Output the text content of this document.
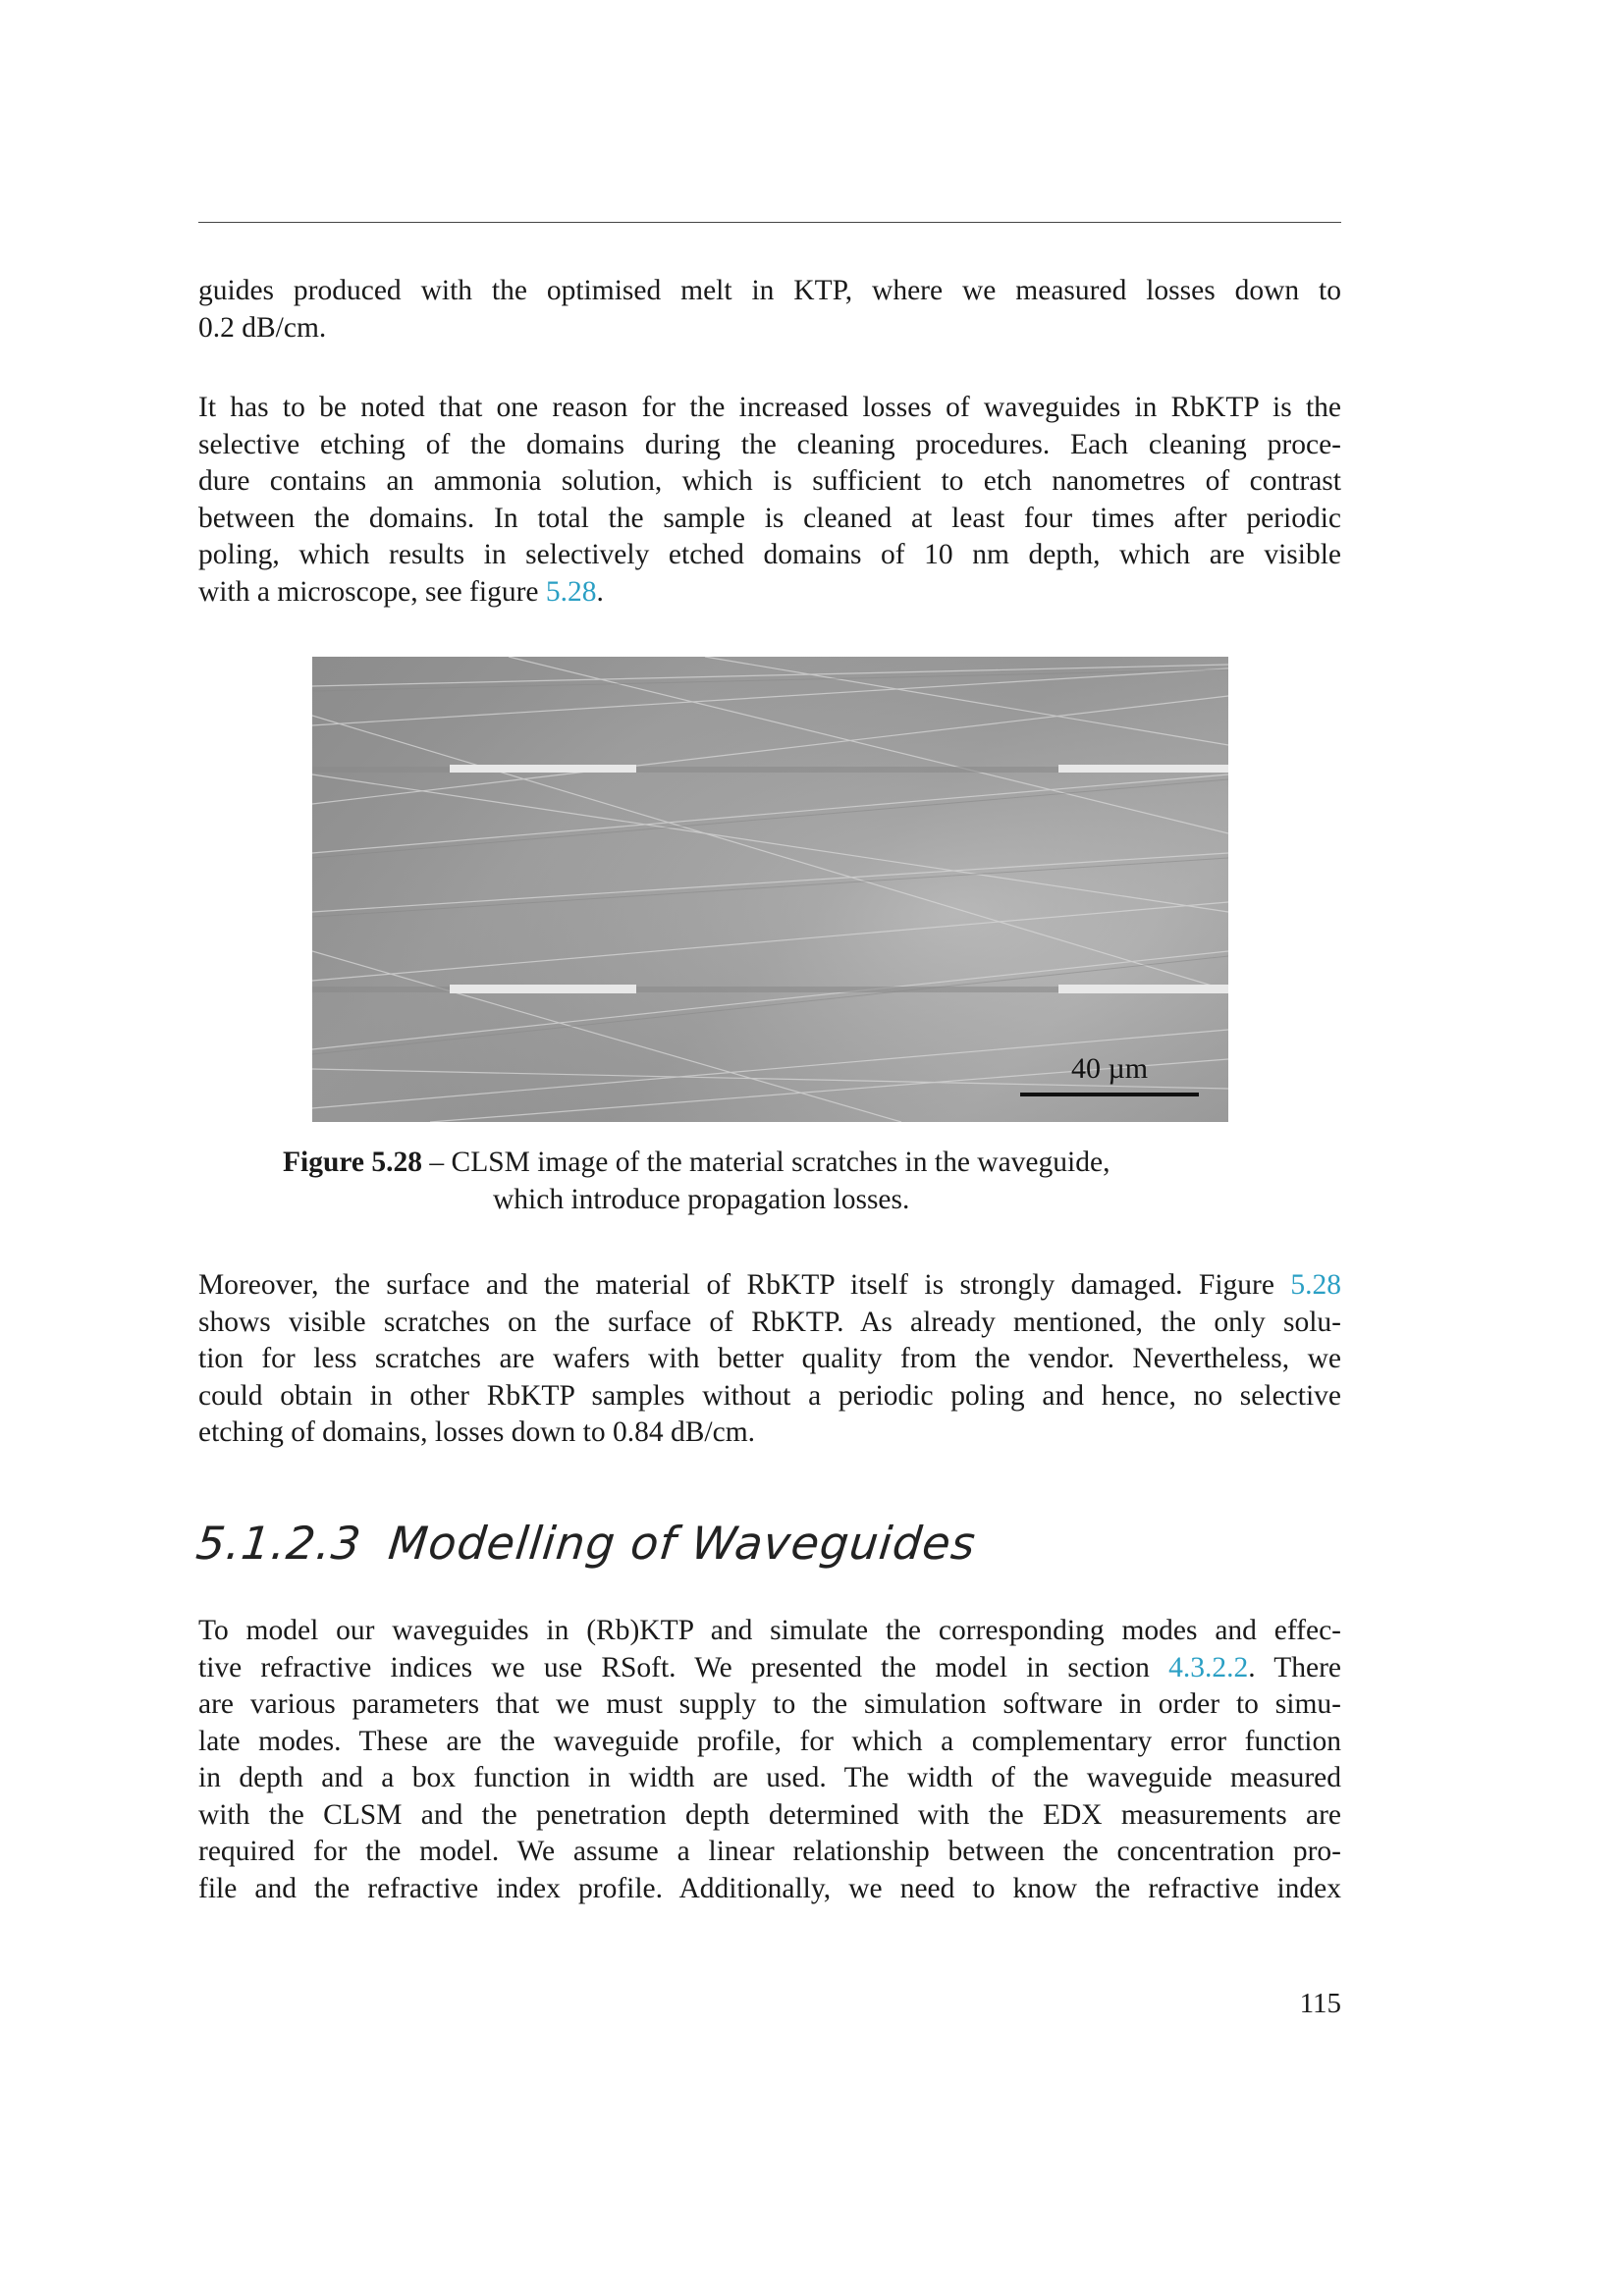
guides produced with the optimised melt in KTP, where we measured losses down to
0.2 dB/cm.

It has to be noted that one reason for the increased losses of waveguides in RbKTP is the
selective etching of the domains during the cleaning procedures. Each cleaning proce-
dure contains an ammonia solution, which is sufficient to etch nanometres of contrast
between the domains. In total the sample is cleaned at least four times after periodic
poling, which results in selectively etched domains of 10 nm depth, which are visible
with a microscope, see figure 5.28.

40 µm
Figure 5.28 – CLSM image of the material scratches in the waveguide,
which introduce propagation losses.

Moreover, the surface and the material of RbKTP itself is strongly damaged. Figure 5.28
shows visible scratches on the surface of RbKTP. As already mentioned, the only solu-
tion for less scratches are wafers with better quality from the vendor. Nevertheless, we
could obtain in other RbKTP samples without a periodic poling and hence, no selective
etching of domains, losses down to 0.84 dB/cm.

5.1.2.3 Modelling of Waveguides

To model our waveguides in (Rb)KTP and simulate the corresponding modes and effec-
tive refractive indices we use RSoft. We presented the model in section 4.3.2.2. There
are various parameters that we must supply to the simulation software in order to simu-
late modes. These are the waveguide profile, for which a complementary error function
in depth and a box function in width are used. The width of the waveguide measured
with the CLSM and the penetration depth determined with the EDX measurements are
required for the model. We assume a linear relationship between the concentration pro-
file and the refractive index profile. Additionally, we need to know the refractive index

115
